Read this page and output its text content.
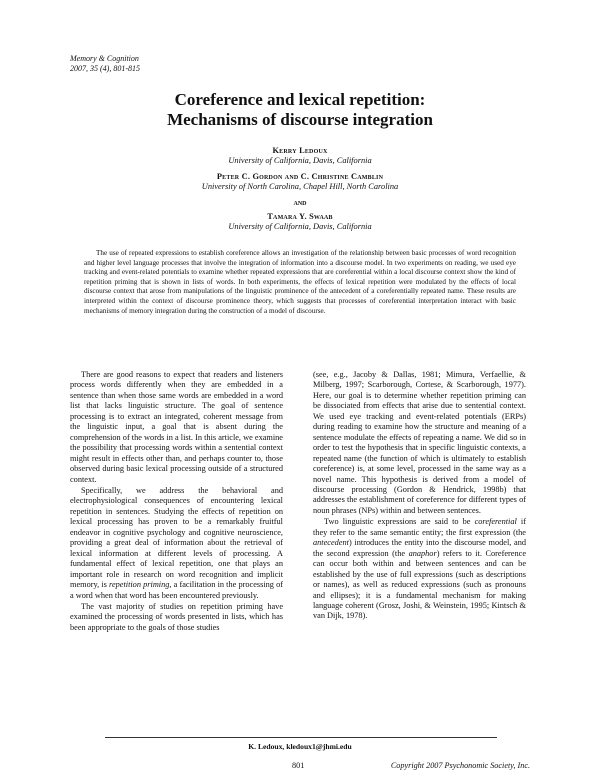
Memory & Cognition
2007, 35 (4), 801-815
Coreference and lexical repetition:
Mechanisms of discourse integration
Kerry Ledoux
University of California, Davis, California
Peter C. Gordon and C. Christine Camblin
University of North Carolina, Chapel Hill, North Carolina
and
Tamara Y. Swaab
University of California, Davis, California

The use of repeated expressions to establish coreference allows an investigation of the relationship between basic processes of word recognition and higher level language processes that involve the integration of information into a discourse model. In two experiments on reading, we used eye tracking and event-related potentials to examine whether repeated expressions that are coreferential within a local discourse context show the kind of repetition priming that is shown in lists of words. In both experiments, the effects of lexical repetition were modulated by the effects of local discourse context that arose from manipulations of the linguistic prominence of the antecedent of a coreferentially repeated name. These results are interpreted within the context of discourse prominence theory, which suggests that processes of coreferential interpretation interact with basic mechanisms of memory integration during the construction of a model of discourse.

There are good reasons to expect that readers and listeners process words differently when they are embedded in a sentence than when those same words are embedded in a word list that lacks linguistic structure. The goal of sentence processing is to extract an integrated, coherent message from the linguistic input, a goal that is absent during the comprehension of the words in a list. In this article, we examine the possibility that processing words within a sentential context might result in effects other than, and perhaps counter to, those observed during basic lexical processing outside of a structured context.

Specifically, we address the behavioral and electrophysiological consequences of encountering lexical repetition in sentences. Studying the effects of repetition on lexical processing has proven to be a remarkably fruitful endeavor in cognitive psychology and cognitive neuroscience, providing a great deal of information about the retrieval of lexical information at different levels of processing. A fundamental effect of lexical repetition, one that plays an important role in research on word recognition and implicit memory, is repetition priming, a facilitation in the processing of a word when that word has been encountered previously.

The vast majority of studies on repetition priming have examined the processing of words presented in lists, which has been appropriate to the goals of those studies

(see, e.g., Jacoby & Dallas, 1981; Mimura, Verfaellie, & Milberg, 1997; Scarborough, Cortese, & Scarborough, 1977). Here, our goal is to determine whether repetition priming can be dissociated from effects that arise due to sentential context. We used eye tracking and event-related potentials (ERPs) during reading to examine how the structure and meaning of a sentence modulate the effects of repeating a name. We did so in order to test the hypothesis that in specific linguistic contexts, a repeated name (the function of which is ultimately to establish coreference) is, at some level, processed in the same way as a novel name. This hypothesis is derived from a model of discourse processing (Gordon & Hendrick, 1998b) that addresses the establishment of coreference for different types of noun phrases (NPs) within and between sentences.

Two linguistic expressions are said to be coreferential if they refer to the same semantic entity; the first expression (the antecedent) introduces the entity into the discourse model, and the second expression (the anaphor) refers to it. Coreference can occur both within and between sentences and can be established by the use of full expressions (such as descriptions or names), as well as reduced expressions (such as pronouns and ellipses); it is a fundamental mechanism for making language coherent (Grosz, Joshi, & Weinstein, 1995; Kintsch & van Dijk, 1978).

K. Ledoux, kledoux1@jhmi.edu
801	Copyright 2007 Psychonomic Society, Inc.
